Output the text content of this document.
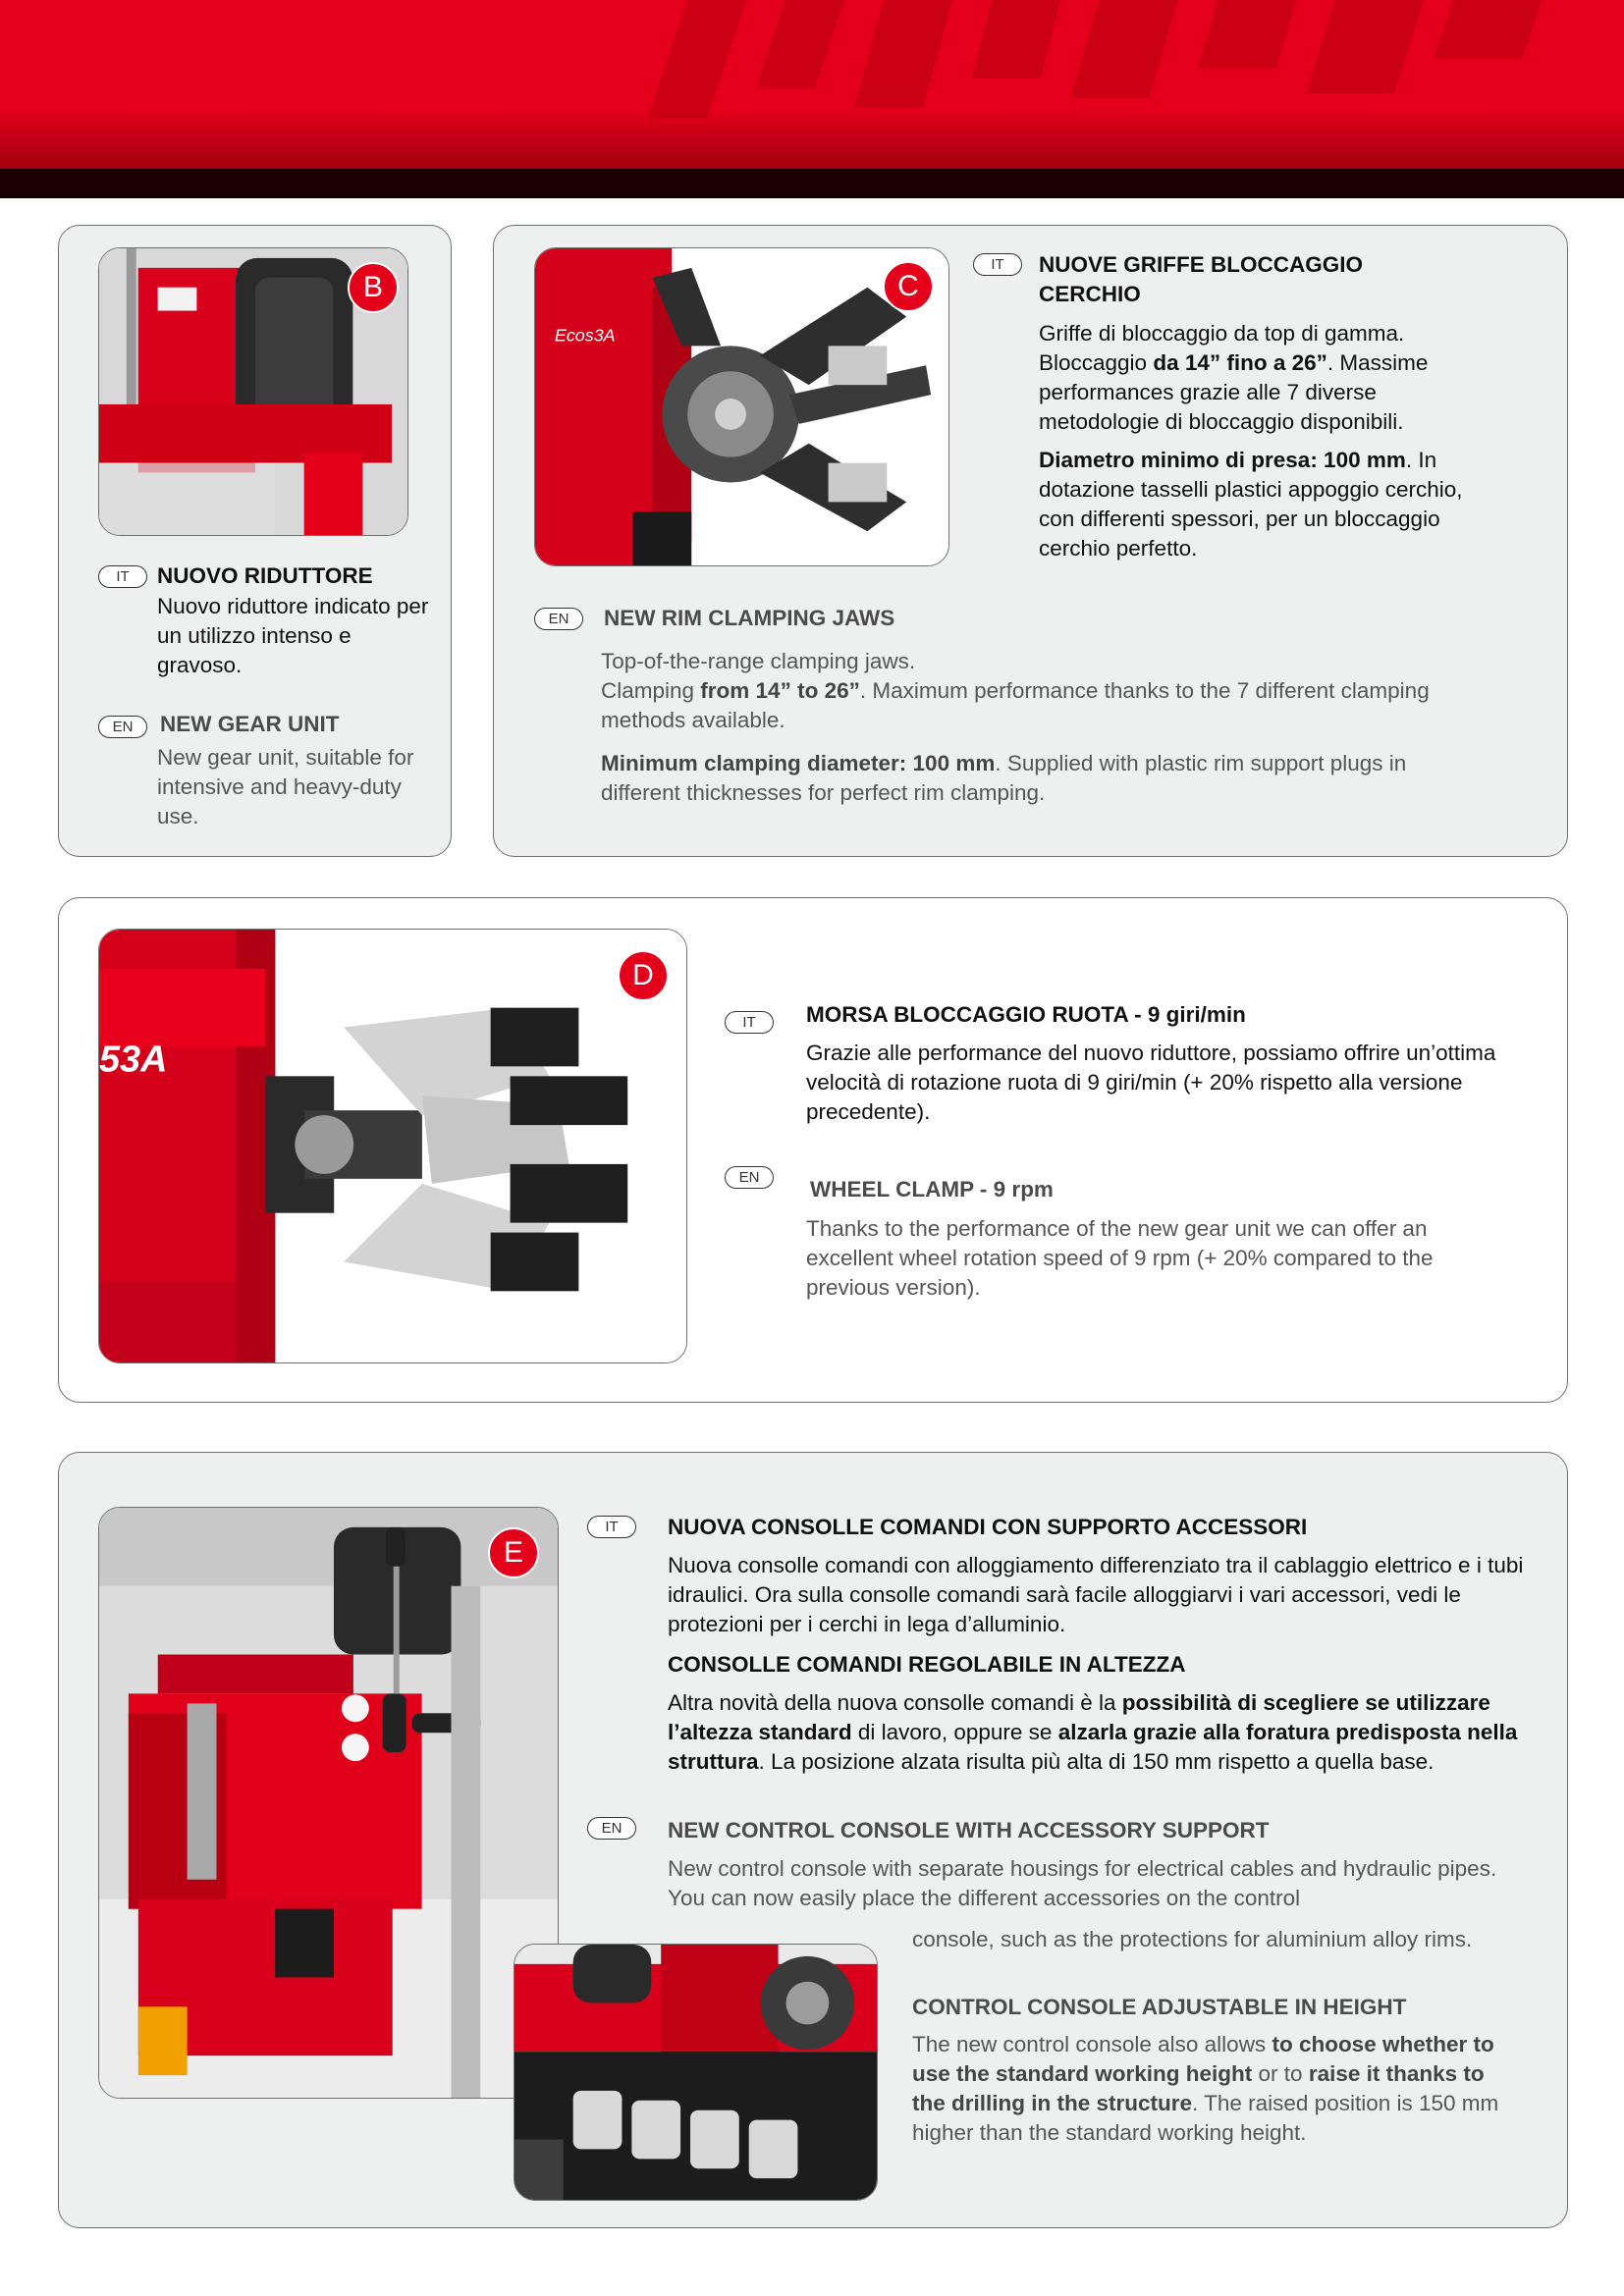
B
IT	NUOVO RIDUTTORE

Nuovo riduttore indicato per un utilizzo intenso e gravoso.

EN	NEW GEAR UNIT

New gear unit, suitable for intensive and heavy-duty use.

Ecos3A
C
IT	NUOVE GRIFFE BLOCCAGGIO CERCHIO

Griffe di bloccaggio da top di gamma.

Bloccaggio da 14” fino a 26”. Massime performances grazie alle 7 diverse metodologie di bloccaggio disponibili.

Diametro minimo di presa: 100 mm. In dotazione tasselli plastici appoggio cerchio, con differenti spessori, per un bloccaggio cerchio perfetto.

EN	NEW RIM CLAMPING JAWS

Top-of-the-range clamping jaws.

Clamping from 14” to 26”. Maximum performance thanks to the 7 different clamping methods available.

Minimum clamping diameter: 100 mm. Supplied with plastic rim support plugs in different thicknesses for perfect rim clamping.

53A
D
IT	MORSA BLOCCAGGIO RUOTA - 9 giri/min

Grazie alle performance del nuovo riduttore, possiamo offrire un’ottima velocità di rotazione ruota di 9 giri/min (+ 20% rispetto alla versione precedente).

EN	WHEEL CLAMP - 9 rpm

Thanks to the performance of the new gear unit we can offer an excellent wheel rotation speed of 9 rpm (+ 20% compared to the previous version).

E
IT	NUOVA CONSOLLE COMANDI CON SUPPORTO ACCESSORI

Nuova consolle comandi con alloggiamento differenziato tra il cablaggio elettrico e i tubi idraulici. Ora sulla consolle comandi sarà facile alloggiarvi i vari accessori, vedi le protezioni per i cerchi in lega d’alluminio.

CONSOLLE COMANDI REGOLABILE IN ALTEZZA

Altra novità della nuova consolle comandi è la possibilità di scegliere se utilizzare l’altezza standard di lavoro, oppure se alzarla grazie alla foratura predisposta nella struttura. La posizione alzata risulta più alta di 150 mm rispetto a quella base.

EN	NEW CONTROL CONSOLE WITH ACCESSORY SUPPORT

New control console with separate housings for electrical cables and hydraulic pipes. You can now easily place the different accessories on the control

console, such as the protections for aluminium alloy rims.

CONTROL CONSOLE ADJUSTABLE IN HEIGHT

The new control console also allows to choose whether to use the standard working height or to raise it thanks to the drilling in the structure. The raised position is 150 mm higher than the standard working height.
